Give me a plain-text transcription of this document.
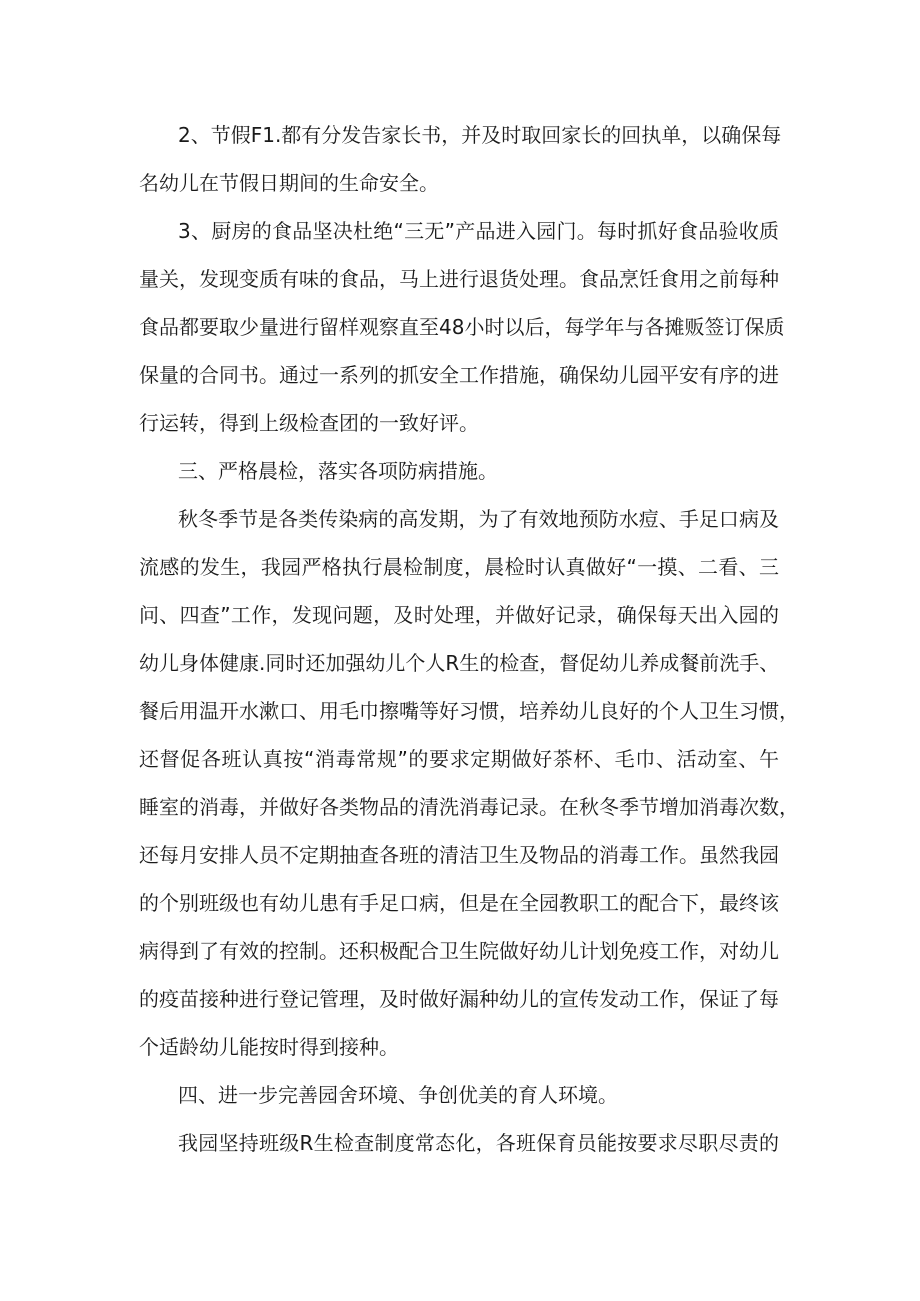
2、节假F1.都有分发告家长书，并及时取回家长的回执单，以确保每
名幼儿在节假日期间的生命安全。
3、厨房的食品坚决杜绝“三无”产品进入园门。每时抓好食品验收质
量关，发现变质有味的食品，马上进行退货处理。食品烹饪食用之前每种
食品都要取少量进行留样观察直至48小时以后，每学年与各摊贩签订保质
保量的合同书。通过一系列的抓安全工作措施，确保幼儿园平安有序的进
行运转，得到上级检查团的一致好评。
三、严格晨检，落实各项防病措施。
秋冬季节是各类传染病的高发期，为了有效地预防水痘、手足口病及
流感的发生，我园严格执行晨检制度，晨检时认真做好“一摸、二看、三
问、四查”工作，发现问题，及时处理，并做好记录，确保每天出入园的
幼儿身体健康.同时还加强幼儿个人R生的检查，督促幼儿养成餐前洗手、
餐后用温开水漱口、用毛巾擦嘴等好习惯，培养幼儿良好的个人卫生习惯，
还督促各班认真按“消毒常规”的要求定期做好茶杯、毛巾、活动室、午
睡室的消毒，并做好各类物品的清洗消毒记录。在秋冬季节增加消毒次数，
还每月安排人员不定期抽查各班的清洁卫生及物品的消毒工作。虽然我园
的个别班级也有幼儿患有手足口病，但是在全园教职工的配合下，最终该
病得到了有效的控制。还积极配合卫生院做好幼儿计划免疫工作，对幼儿
的疫苗接种进行登记管理，及时做好漏种幼儿的宣传发动工作，保证了每
个适龄幼儿能按时得到接种。
四、进一步完善园舍环境、争创优美的育人环境。
我园坚持班级R生检查制度常态化，各班保育员能按要求尽职尽责的
